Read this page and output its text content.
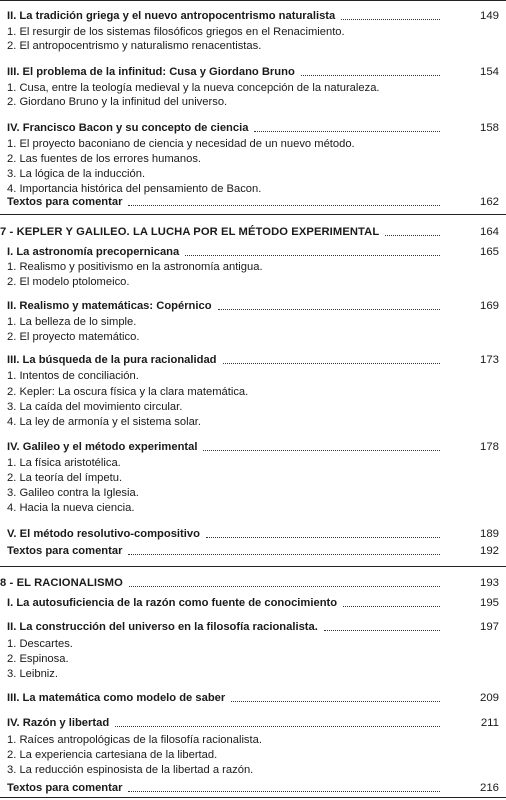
II. La tradición griega y el nuevo antropocentrismo naturalista	149
1. El resurgir de los sistemas filosóficos griegos en el Renacimiento.
2. El antropocentrismo y naturalismo renacentistas.
III. El problema de la infinitud: Cusa y Giordano Bruno	154
1. Cusa, entre la teología medieval y la nueva concepción de la naturaleza.
2. Giordano Bruno y la infinitud del universo.
IV. Francisco Bacon y su concepto de ciencia	158
1. El proyecto baconiano de ciencia y necesidad de un nuevo método.
2. Las fuentes de los errores humanos.
3. La lógica de la inducción.
4. Importancia histórica del pensamiento de Bacon.
Textos para comentar	162
7 - KEPLER Y GALILEO. LA LUCHA POR EL MÉTODO EXPERIMENTAL	164
I. La astronomía precopernicana	165
1. Realismo y positivismo en la astronomía antigua.
2. El modelo ptolomeico.
II. Realismo y matemáticas: Copérnico	169
1. La belleza de lo simple.
2. El proyecto matemático.
III. La búsqueda de la pura racionalidad	173
1. Intentos de conciliación.
2. Kepler: La oscura física y la clara matemática.
3. La caída del movimiento circular.
4. La ley de armonía y el sistema solar.
IV. Galileo y el método experimental	178
1. La física aristotélica.
2. La teoría del ímpetu.
3. Galileo contra la Iglesia.
4. Hacia la nueva ciencia.
V. El método resolutivo-compositivo	189
Textos para comentar	192
8 - EL RACIONALISMO	193
I. La autosuficiencia de la razón como fuente de conocimiento	195
II. La construcción del universo en la filosofía racionalista.	197
1. Descartes.
2. Espinosa.
3. Leibniz.
III. La matemática como modelo de saber	209
IV. Razón y libertad	211
1. Raíces antropológicas de la filosofía racionalista.
2. La experiencia cartesiana de la libertad.
3. La reducción espinosista de la libertad a razón.
Textos para comentar	216
